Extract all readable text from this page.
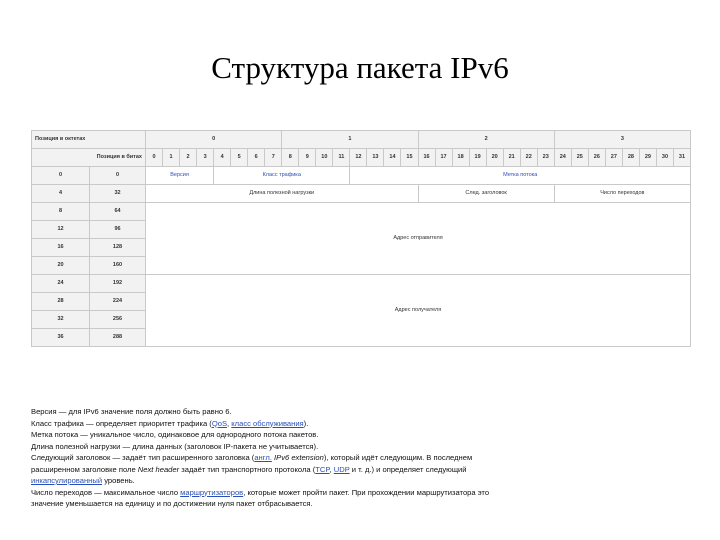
Структура пакета IPv6
Позиция в октетах		0								1								2								3							
Позиция в битах		0	1	2	3	4	5	6	7	8	9	10	11	12	13	14	15	16	17	18	19	20	21	22	23	24	25	26	27	28	29	30	31
0	0	Версия				Класс трафика								Метка потока																			
4	32	Длина полезной нагрузки																След. заголовок								Число переходов							
8	64	Адрес отправителя																															
12	96																																
16	128																																
20	160																																
24	192	Адрес получателя																															
28	224																																
32	256																																
36	288																																
Версия — для IPv6 значение поля должно быть равно 6.
Класс трафика — определяет приоритет трафика (QoS, класс обслуживания).
Метка потока — уникальное число, одинаковое для однородного потока пакетов.
Длина полезной нагрузки — длина данных (заголовок IP-пакета не учитывается).
Следующий заголовок — задаёт тип расширенного заголовка (англ. IPv6 extension), который идёт следующим. В последнем
расширенном заголовке поле Next header задаёт тип транспортного протокола (TCP, UDP и т. д.) и определяет следующий
инкапсулированный уровень.
Число переходов — максимальное число маршрутизаторов, которые может пройти пакет. При прохождении маршрутизатора это
значение уменьшается на единицу и по достижении нуля пакет отбрасывается.
